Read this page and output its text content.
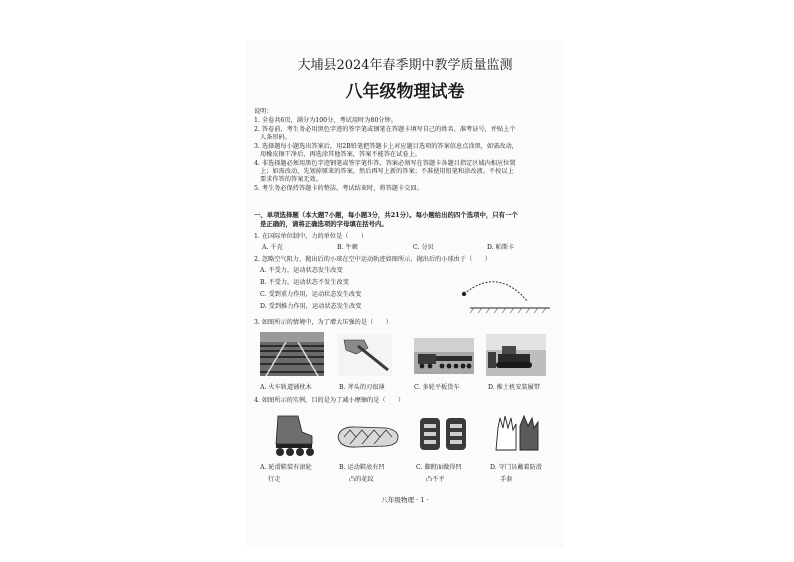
大埔县2024年春季期中教学质量监测
八年级物理试卷
说明：
1. 全卷共6页，满分为100分，考试用时为80分钟。
2. 答卷前，考生务必用黑色字迹的签字笔或钢笔在答题卡填写自己的姓名、准考证号，并贴上个
人条形码。
3. 选择题每小题选出答案后，用2B铅笔把答题卡上对应题目选项的答案信息点涂黑，如需改动，
用橡皮擦干净后，再选涂其他答案，答案不能答在试卷上。
4. 非选择题必须用黑色字迹钢笔或签字笔作答，答案必须写在答题卡各题目指定区域内相应位置
上；如需改动，先划掉原来的答案，然后再写上新的答案；不准使用铅笔和涂改液。不按以上
要求作答的答案无效。
5. 考生务必保持答题卡的整洁。考试结束时，将答题卡交回。
一、单项选择题（本大题7小题，每小题3分，共21分）。每小题给出的四个选项中，只有一个
是正确的，请将正确选项的字母填在括号内。
1. 在国际单位制中，力的单位是（　　）
A. 千克	B. 牛顿	C. 分贝	D. 帕斯卡
2. 忽略空气阻力，抛出后的小球在空中运动轨迹如图所示，抛出后的小球由于（　　）
A. 不受力，运动状态发生改变
B. 不受力，运动状态不发生改变
C. 受到重力作用，运动状态发生改变
D. 受到推力作用，运动状态发生改变
3. 如图所示的情境中，为了增大压强的是（　　）
A. 火车轨道铺枕木	B. 斧头的刃很薄	C. 多轮平板货车	D. 推土机安装履带
4. 如图所示的实例，目的是为了减小摩擦的是（　　）
A. 轮滑鞋装有滚轮
行走
B. 运动鞋底有凹
凸的花纹
C. 脚蹬面做得凹
凸不平
D. 守门员戴着防滑
手套
八年级物理 · 1 ·
